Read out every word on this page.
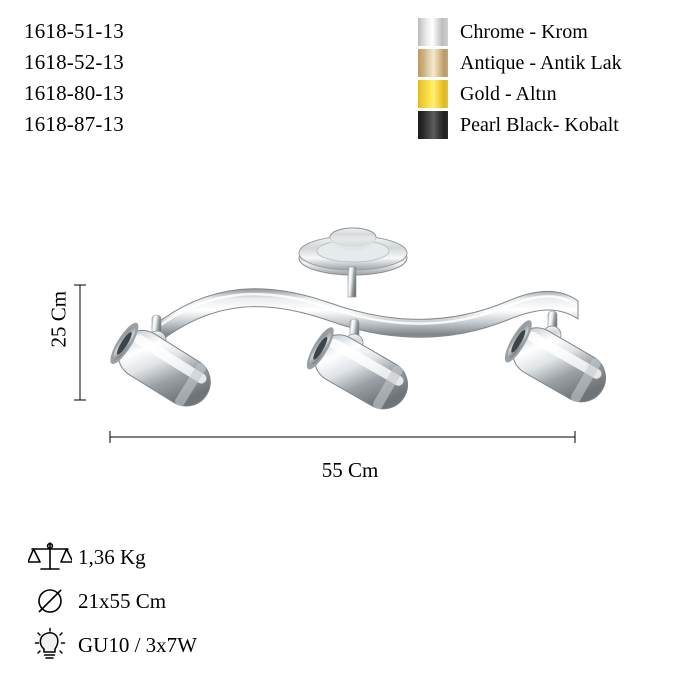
1618-51-13
1618-52-13
1618-80-13
1618-87-13
Chrome - Krom
Antique - Antik Lak
Gold - Altın
Pearl Black- Kobalt
25 Cm
55 Cm
1,36 Kg
21x55 Cm
GU10 / 3x7W
